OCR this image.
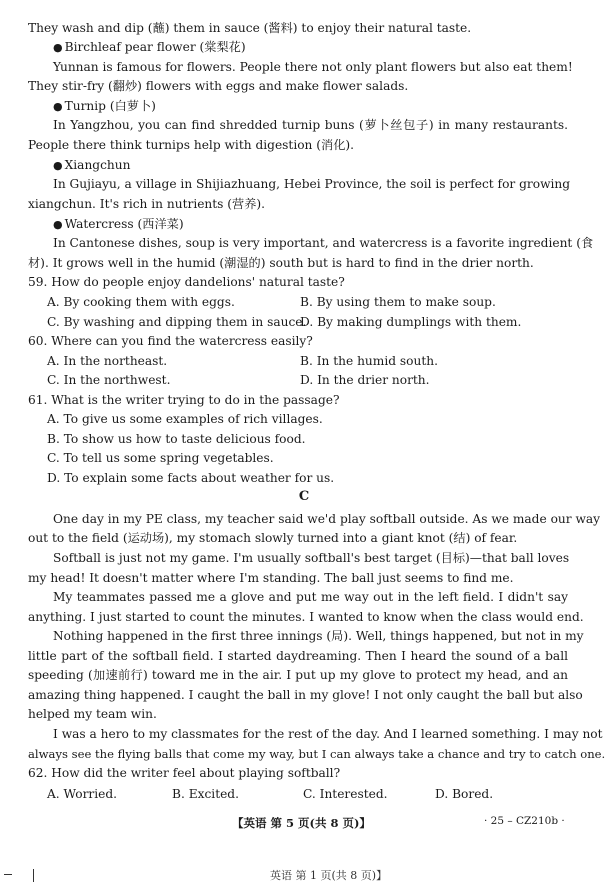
They wash and dip (蘸) them in sauce (酱料) to enjoy their natural taste.
● Birchleaf pear flower (棠梨花)
Yunnan is famous for flowers. People there not only plant flowers but also eat them!
They stir-fry (翻炒) flowers with eggs and make flower salads.
● Turnip (白萝卜)
In Yangzhou, you can find shredded turnip buns (萝卜丝包子) in many restaurants.
People there think turnips help with digestion (消化).
● Xiangchun
In Gujiayu, a village in Shijiazhuang, Hebei Province, the soil is perfect for growing
xiangchun. It's rich in nutrients (营养).
● Watercress (西洋菜)
In Cantonese dishes, soup is very important, and watercress is a favorite ingredient (食
材). It grows well in the humid (潮湿的) south but is hard to find in the drier north.
59. How do people enjoy dandelions' natural taste?
A. By cooking them with eggs.	B. By using them to make soup.
C. By washing and dipping them in sauce.
D. By making dumplings with them.
60. Where can you find the watercress easily?
A. In the northeast.	B. In the humid south.
C. In the northwest.	D. In the drier north.
61. What is the writer trying to do in the passage?
A. To give us some examples of rich villages.
B. To show us how to taste delicious food.
C. To tell us some spring vegetables.
D. To explain some facts about weather for us.
C
One day in my PE class, my teacher said we'd play softball outside. As we made our way
out to the field (运动场), my stomach slowly turned into a giant knot (结) of fear.
Softball is just not my game. I'm usually softball's best target (目标)—that ball loves
my head! It doesn't matter where I'm standing. The ball just seems to find me.
My teammates passed me a glove and put me way out in the left field. I didn't say
anything. I just started to count the minutes. I wanted to know when the class would end.
Nothing happened in the first three innings (局). Well, things happened, but not in my
little part of the softball field. I started daydreaming. Then I heard the sound of a ball
speeding (加速前行) toward me in the air. I put up my glove to protect my head, and an
amazing thing happened. I caught the ball in my glove! I not only caught the ball but also
helped my team win.
I was a hero to my classmates for the rest of the day. And I learned something. I may not
always see the flying balls that come my way, but I can always take a chance and try to catch one.
62. How did the writer feel about playing softball?
A. Worried.	B. Excited.	C. Interested.	D. Bored.
【英语 第 5 页(共 8 页)】	· 25 – CZ210b ·
英语 第 1 页(共 8 页)】
